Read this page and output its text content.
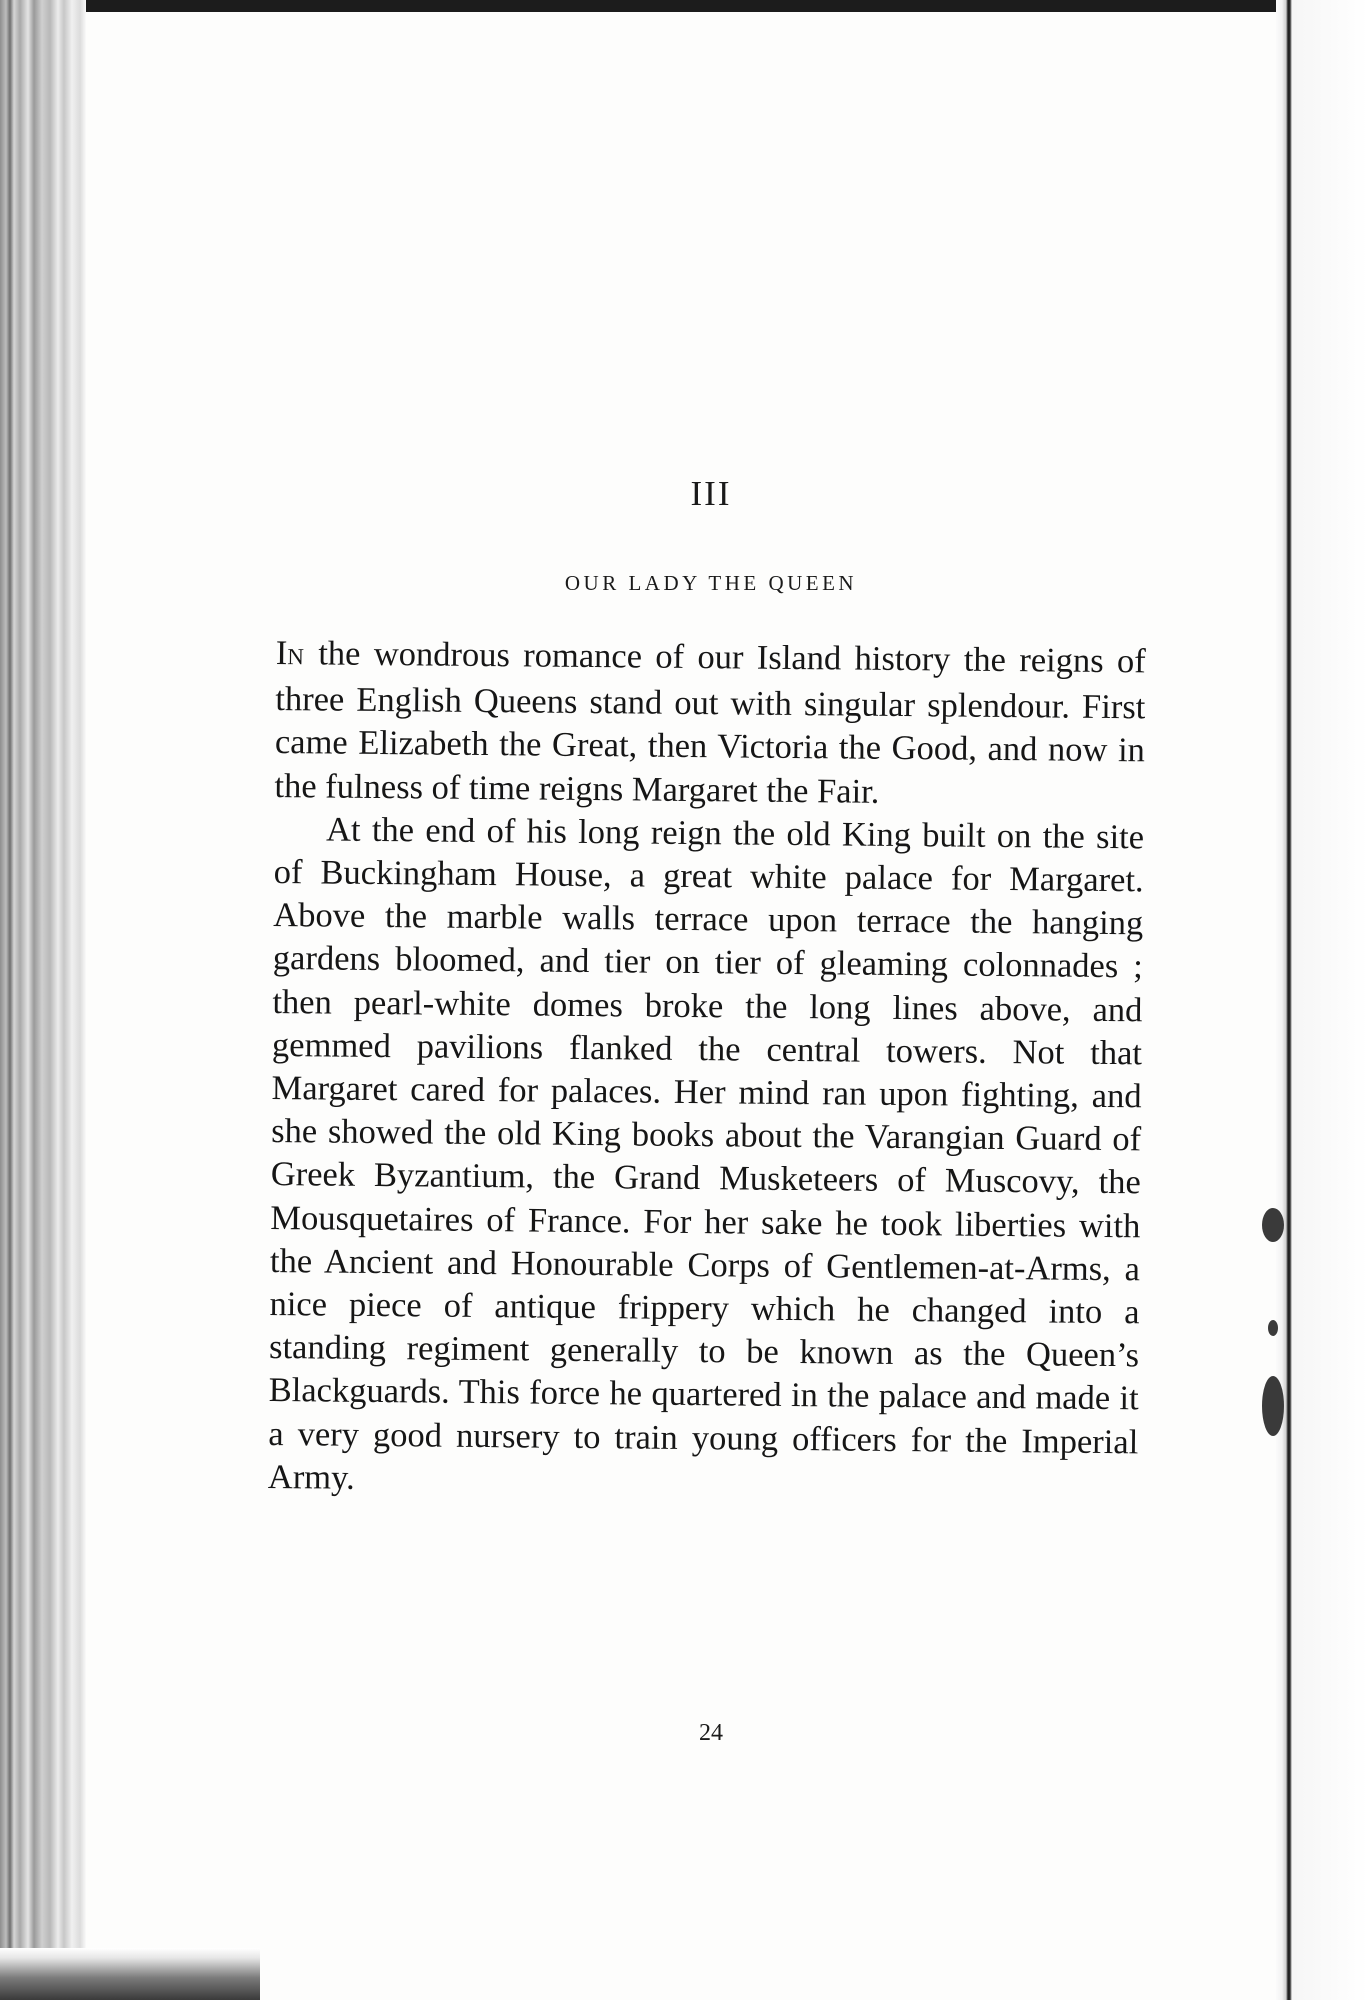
III
OUR LADY THE QUEEN

IN the wondrous romance of our Island history the reigns of three English Queens stand out with singular splendour. First came Elizabeth the Great, then Victoria the Good, and now in the fulness of time reigns Margaret the Fair.

At the end of his long reign the old King built on the site of Buckingham House, a great white palace for Margaret. Above the marble walls terrace upon terrace the hanging gardens bloomed, and tier on tier of gleaming colonnades ; then pearl-white domes broke the long lines above, and gemmed pavilions flanked the central towers. Not that Margaret cared for palaces. Her mind ran upon fighting, and she showed the old King books about the Varangian Guard of Greek Byzantium, the Grand Musketeers of Muscovy, the Mousquetaires of France. For her sake he took liberties with the Ancient and Honourable Corps of Gentlemen-at-Arms, a nice piece of antique frippery which he changed into a standing regiment generally to be known as the Queen’s Blackguards. This force he quartered in the palace and made it a very good nursery to train young officers for the Imperial Army.

24
